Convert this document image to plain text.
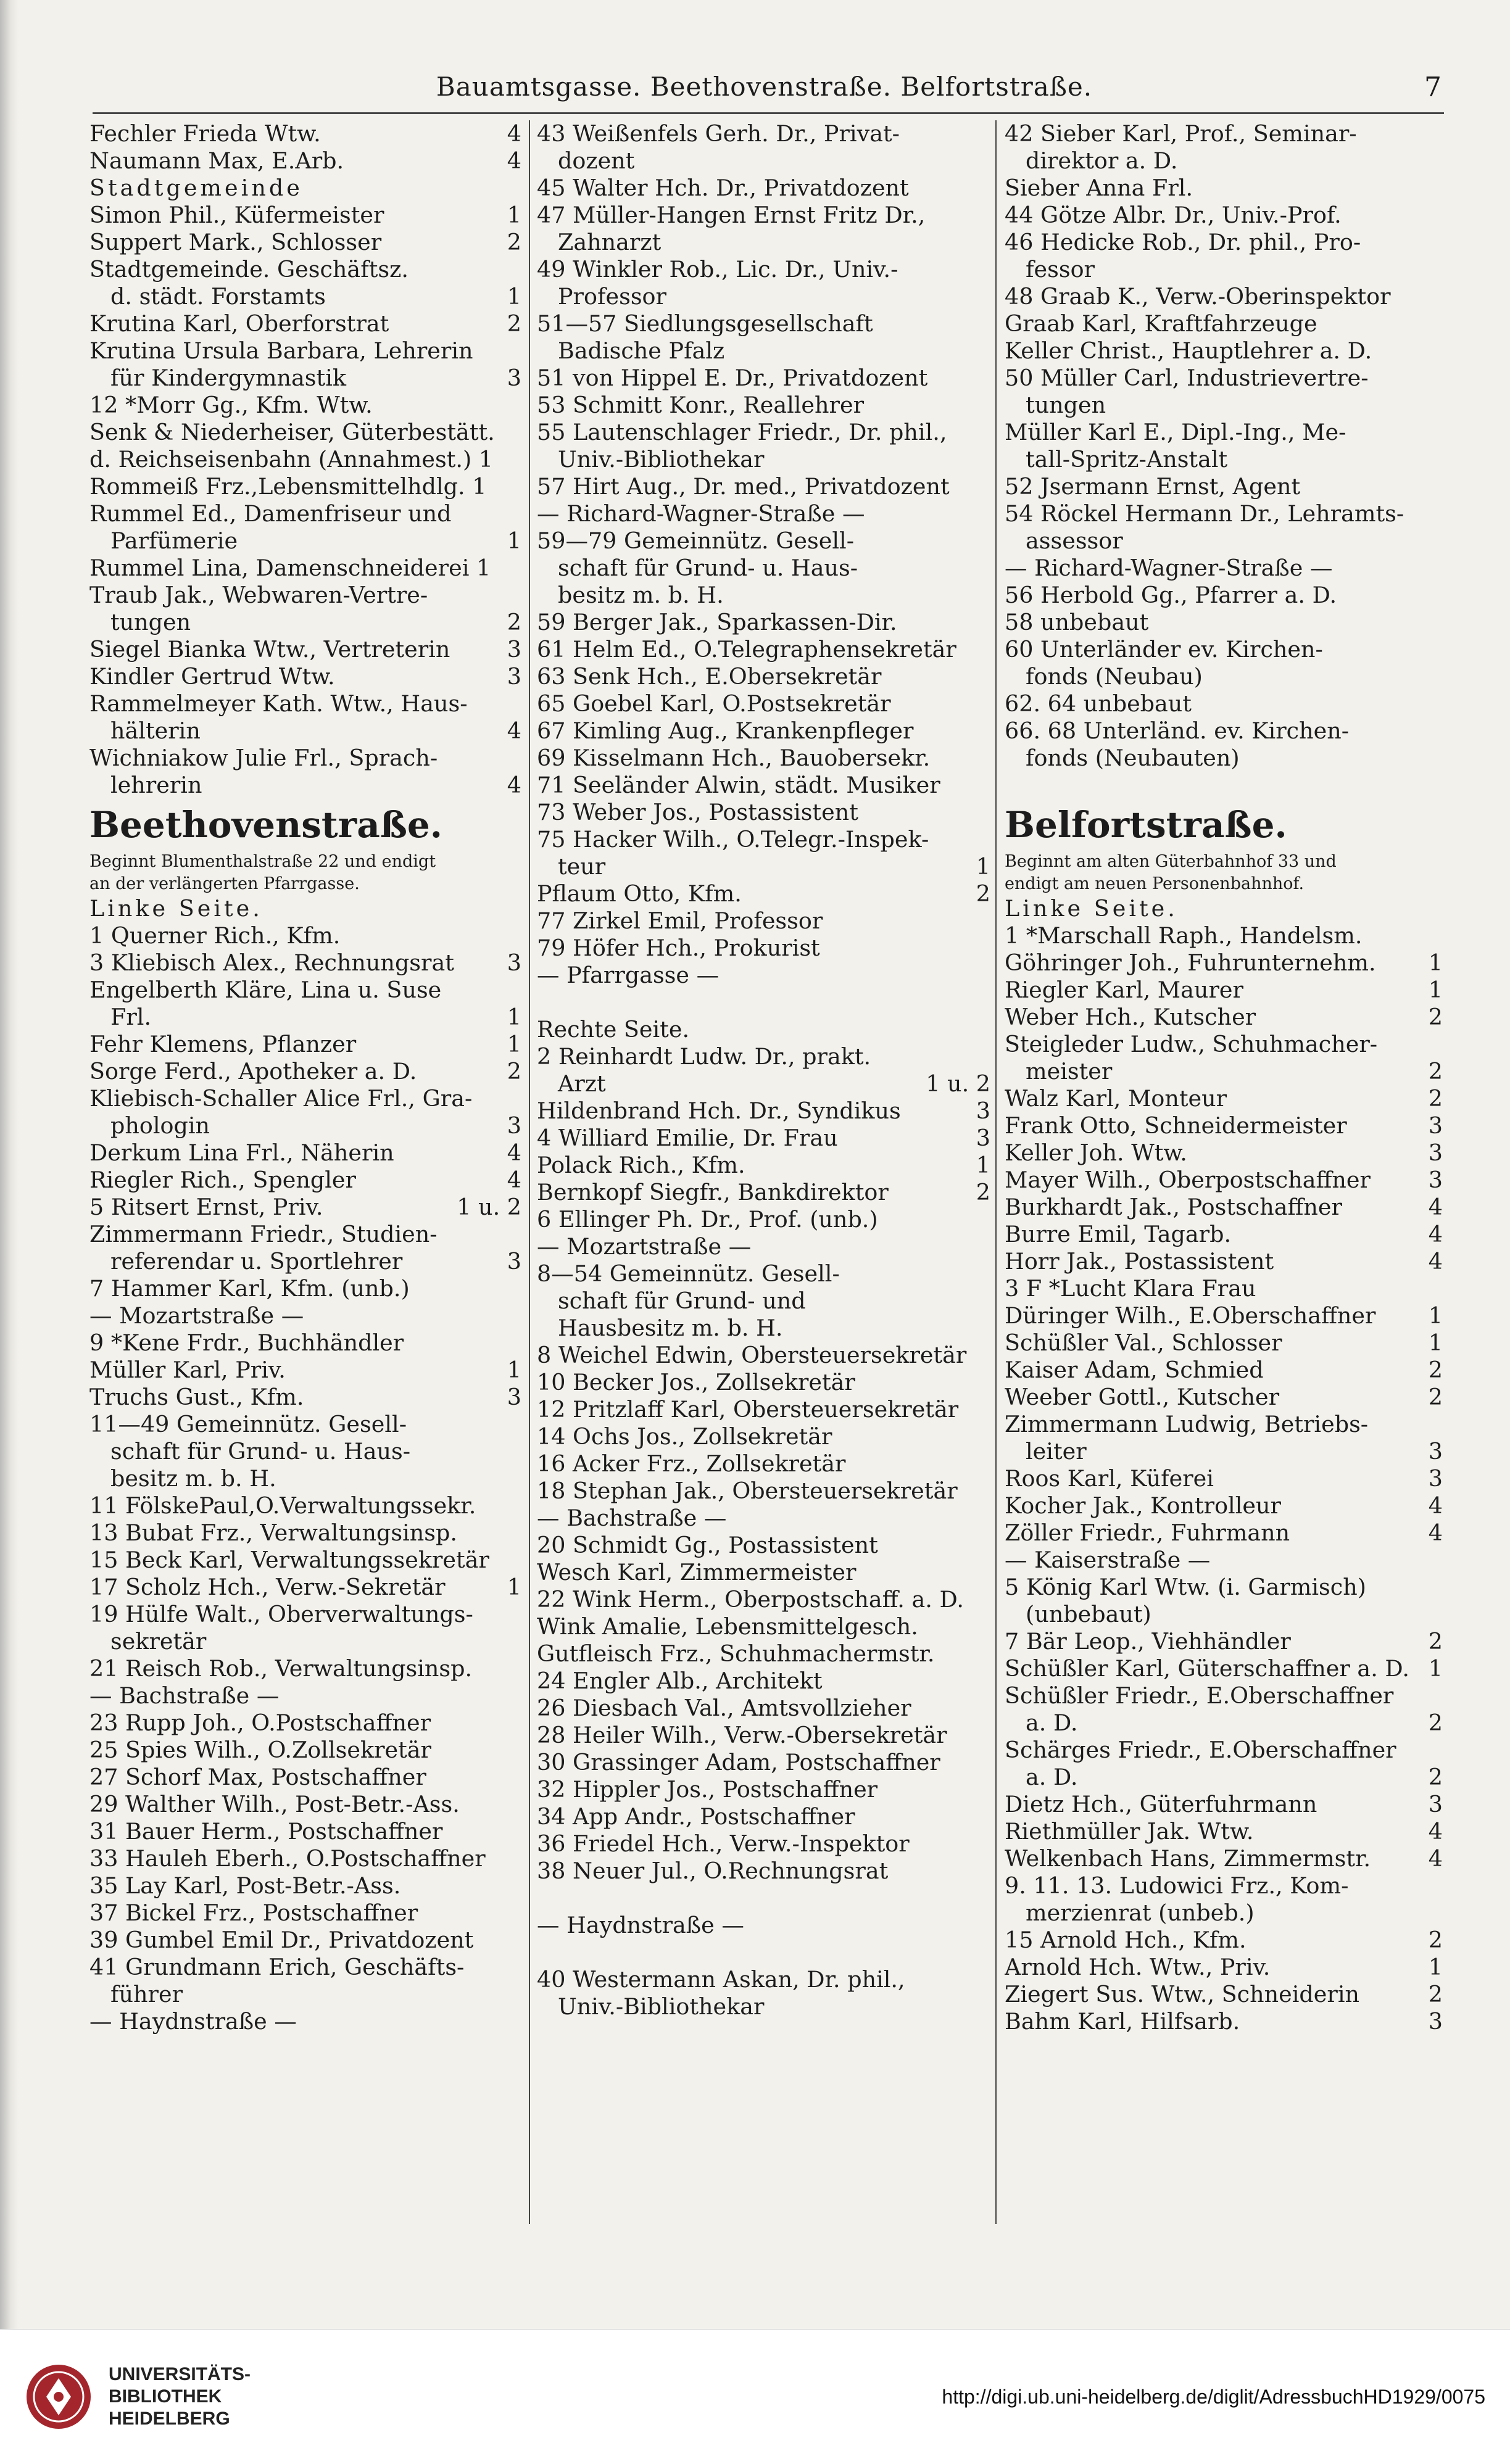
Bauamtsgasse. Beethovenstraße. Belfortstraße.	7
Fechler Frieda Wtw.	4
Naumann Max, E.Arb.	4
Stadtgemeinde
Simon Phil., Küfermeister	1
Suppert Mark., Schlosser	2
Stadtgemeinde. Geschäftsz.
d. städt. Forstamts	1
Krutina Karl, Oberforstrat	2
Krutina Ursula Barbara, Lehrerin
für Kindergymnastik	3
12 *Morr Gg., Kfm. Wtw.
Senk & Niederheiser, Güterbestätt.
d. Reichseisenbahn (Annahmest.) 1
Rommeiß Frz.,Lebensmittelhdlg. 1
Rummel Ed., Damenfriseur und
Parfümerie	1
Rummel Lina, Damenschneiderei 1
Traub Jak., Webwaren-Vertre-
tungen	2
Siegel Bianka Wtw., Vertreterin	3
Kindler Gertrud Wtw.	3
Rammelmeyer Kath. Wtw., Haus-
hälterin	4
Wichniakow Julie Frl., Sprach-
lehrerin	4
Beethovenstraße.
Beginnt Blumenthalstraße 22 und endigt
an der verlängerten Pfarrgasse.
Linke Seite.
1 Querner Rich., Kfm.
3 Kliebisch Alex., Rechnungsrat	3
Engelberth Kläre, Lina u. Suse
Frl.	1
Fehr Klemens, Pflanzer	1
Sorge Ferd., Apotheker a. D.	2
Kliebisch-Schaller Alice Frl., Gra-
phologin	3
Derkum Lina Frl., Näherin	4
Riegler Rich., Spengler	4
5 Ritsert Ernst, Priv.	1 u. 2
Zimmermann Friedr., Studien-
referendar u. Sportlehrer	3
7 Hammer Karl, Kfm. (unb.)
— Mozartstraße —
9 *Kene Frdr., Buchhändler
Müller Karl, Priv.	1
Truchs Gust., Kfm.	3
11—49 Gemeinnütz. Gesell-
schaft für Grund- u. Haus-
besitz m. b. H.
11 FölskePaul,O.Verwaltungssekr.
13 Bubat Frz., Verwaltungsinsp.
15 Beck Karl, Verwaltungssekretär
17 Scholz Hch., Verw.-Sekretär	1
19 Hülfe Walt., Oberverwaltungs-
sekretär
21 Reisch Rob., Verwaltungsinsp.
— Bachstraße —
23 Rupp Joh., O.Postschaffner
25 Spies Wilh., O.Zollsekretär
27 Schorf Max, Postschaffner
29 Walther Wilh., Post-Betr.-Ass.
31 Bauer Herm., Postschaffner
33 Hauleh Eberh., O.Postschaffner
35 Lay Karl, Post-Betr.-Ass.
37 Bickel Frz., Postschaffner
39 Gumbel Emil Dr., Privatdozent
41 Grundmann Erich, Geschäfts-
führer
— Haydnstraße —
43 Weißenfels Gerh. Dr., Privat-
dozent
45 Walter Hch. Dr., Privatdozent
47 Müller-Hangen Ernst Fritz Dr.,
Zahnarzt
49 Winkler Rob., Lic. Dr., Univ.-
Professor
51—57 Siedlungsgesellschaft
Badische Pfalz
51 von Hippel E. Dr., Privatdozent
53 Schmitt Konr., Reallehrer
55 Lautenschlager Friedr., Dr. phil.,
Univ.-Bibliothekar
57 Hirt Aug., Dr. med., Privatdozent
— Richard-Wagner-Straße —
59—79 Gemeinnütz. Gesell-
schaft für Grund- u. Haus-
besitz m. b. H.
59 Berger Jak., Sparkassen-Dir.
61 Helm Ed., O.Telegraphensekretär
63 Senk Hch., E.Obersekretär
65 Goebel Karl, O.Postsekretär
67 Kimling Aug., Krankenpfleger
69 Kisselmann Hch., Bauobersekr.
71 Seeländer Alwin, städt. Musiker
73 Weber Jos., Postassistent
75 Hacker Wilh., O.Telegr.-Inspek-
teur	1
Pflaum Otto, Kfm.	2
77 Zirkel Emil, Professor
79 Höfer Hch., Prokurist
— Pfarrgasse —
Rechte Seite.
2 Reinhardt Ludw. Dr., prakt.
Arzt	1 u. 2
Hildenbrand Hch. Dr., Syndikus	3
4 Williard Emilie, Dr. Frau	3
Polack Rich., Kfm.	1
Bernkopf Siegfr., Bankdirektor	2
6 Ellinger Ph. Dr., Prof. (unb.)
— Mozartstraße —
8—54 Gemeinnütz. Gesell-
schaft für Grund- und
Hausbesitz m. b. H.
8 Weichel Edwin, Obersteuersekretär
10 Becker Jos., Zollsekretär
12 Pritzlaff Karl, Obersteuersekretär
14 Ochs Jos., Zollsekretär
16 Acker Frz., Zollsekretär
18 Stephan Jak., Obersteuersekretär
— Bachstraße —
20 Schmidt Gg., Postassistent
Wesch Karl, Zimmermeister
22 Wink Herm., Oberpostschaff. a. D.
Wink Amalie, Lebensmittelgesch.
Gutfleisch Frz., Schuhmachermstr.
24 Engler Alb., Architekt
26 Diesbach Val., Amtsvollzieher
28 Heiler Wilh., Verw.-Obersekretär
30 Grassinger Adam, Postschaffner
32 Hippler Jos., Postschaffner
34 App Andr., Postschaffner
36 Friedel Hch., Verw.-Inspektor
38 Neuer Jul., O.Rechnungsrat
— Haydnstraße —
40 Westermann Askan, Dr. phil.,
Univ.-Bibliothekar
42 Sieber Karl, Prof., Seminar-
direktor a. D.
Sieber Anna Frl.
44 Götze Albr. Dr., Univ.-Prof.
46 Hedicke Rob., Dr. phil., Pro-
fessor
48 Graab K., Verw.-Oberinspektor
Graab Karl, Kraftfahrzeuge
Keller Christ., Hauptlehrer a. D.
50 Müller Carl, Industrievertre-
tungen
Müller Karl E., Dipl.-Ing., Me-
tall-Spritz-Anstalt
52 Jsermann Ernst, Agent
54 Röckel Hermann Dr., Lehramts-
assessor
— Richard-Wagner-Straße —
56 Herbold Gg., Pfarrer a. D.
58 unbebaut
60 Unterländer ev. Kirchen-
fonds (Neubau)
62. 64 unbebaut
66. 68 Unterländ. ev. Kirchen-
fonds (Neubauten)
Belfortstraße.
Beginnt am alten Güterbahnhof 33 und
endigt am neuen Personenbahnhof.
Linke Seite.
1 *Marschall Raph., Handelsm.
Göhringer Joh., Fuhrunternehm.	1
Riegler Karl, Maurer	1
Weber Hch., Kutscher	2
Steigleder Ludw., Schuhmacher-
meister	2
Walz Karl, Monteur	2
Frank Otto, Schneidermeister	3
Keller Joh. Wtw.	3
Mayer Wilh., Oberpostschaffner	3
Burkhardt Jak., Postschaffner	4
Burre Emil, Tagarb.	4
Horr Jak., Postassistent	4
3 F *Lucht Klara Frau
Düringer Wilh., E.Oberschaffner	1
Schüßler Val., Schlosser	1
Kaiser Adam, Schmied	2
Weeber Gottl., Kutscher	2
Zimmermann Ludwig, Betriebs-
leiter	3
Roos Karl, Küferei	3
Kocher Jak., Kontrolleur	4
Zöller Friedr., Fuhrmann	4
— Kaiserstraße —
5 König Karl Wtw. (i. Garmisch)
(unbebaut)
7 Bär Leop., Viehhändler	2
Schüßler Karl, Güterschaffner a. D. 1
Schüßler Friedr., E.Oberschaffner
a. D.	2
Schärges Friedr., E.Oberschaffner
a. D.	2
Dietz Hch., Güterfuhrmann	3
Riethmüller Jak. Wtw.	4
Welkenbach Hans, Zimmermstr.	4
9. 11. 13. Ludowici Frz., Kom-
merzienrat (unbeb.)
15 Arnold Hch., Kfm.	2
Arnold Hch. Wtw., Priv.	1
Ziegert Sus. Wtw., Schneiderin	2
Bahm Karl, Hilfsarb.	3
UNIVERSITÄTS-
BIBLIOTHEK
HEIDELBERG
http://digi.ub.uni-heidelberg.de/diglit/AdressbuchHD1929/0075
